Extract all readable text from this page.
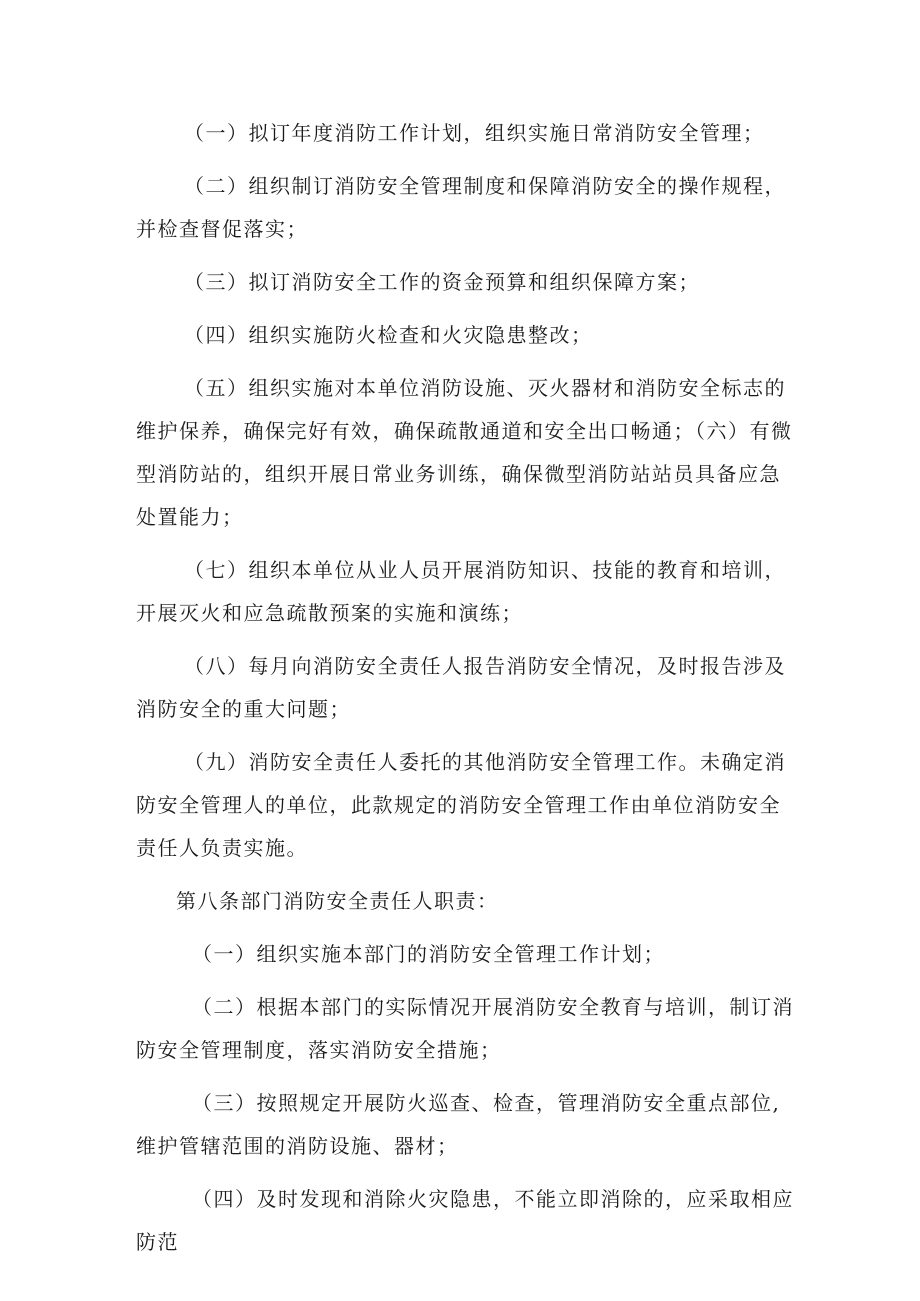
（一）拟订年度消防工作计划，组织实施日常消防安全管理；

（二）组织制订消防安全管理制度和保障消防安全的操作规程，并检查督促落实；

（三）拟订消防安全工作的资金预算和组织保障方案；

（四）组织实施防火检查和火灾隐患整改；

（五）组织实施对本单位消防设施、灭火器材和消防安全标志的维护保养，确保完好有效，确保疏散通道和安全出口畅通；（六）有微型消防站的，组织开展日常业务训练，确保微型消防站站员具备应急处置能力；

（七）组织本单位从业人员开展消防知识、技能的教育和培训，开展灭火和应急疏散预案的实施和演练；

（八）每月向消防安全责任人报告消防安全情况，及时报告涉及消防安全的重大问题；

（九）消防安全责任人委托的其他消防安全管理工作。未确定消防安全管理人的单位，此款规定的消防安全管理工作由单位消防安全责任人负责实施。

第八条部门消防安全责任人职责：

（一）组织实施本部门的消防安全管理工作计划；

（二）根据本部门的实际情况开展消防安全教育与培训，制订消防安全管理制度，落实消防安全措施；

（三）按照规定开展防火巡查、检查，管理消防安全重点部位,维护管辖范围的消防设施、器材；

（四）及时发现和消除火灾隐患，不能立即消除的，应采取相应防范
